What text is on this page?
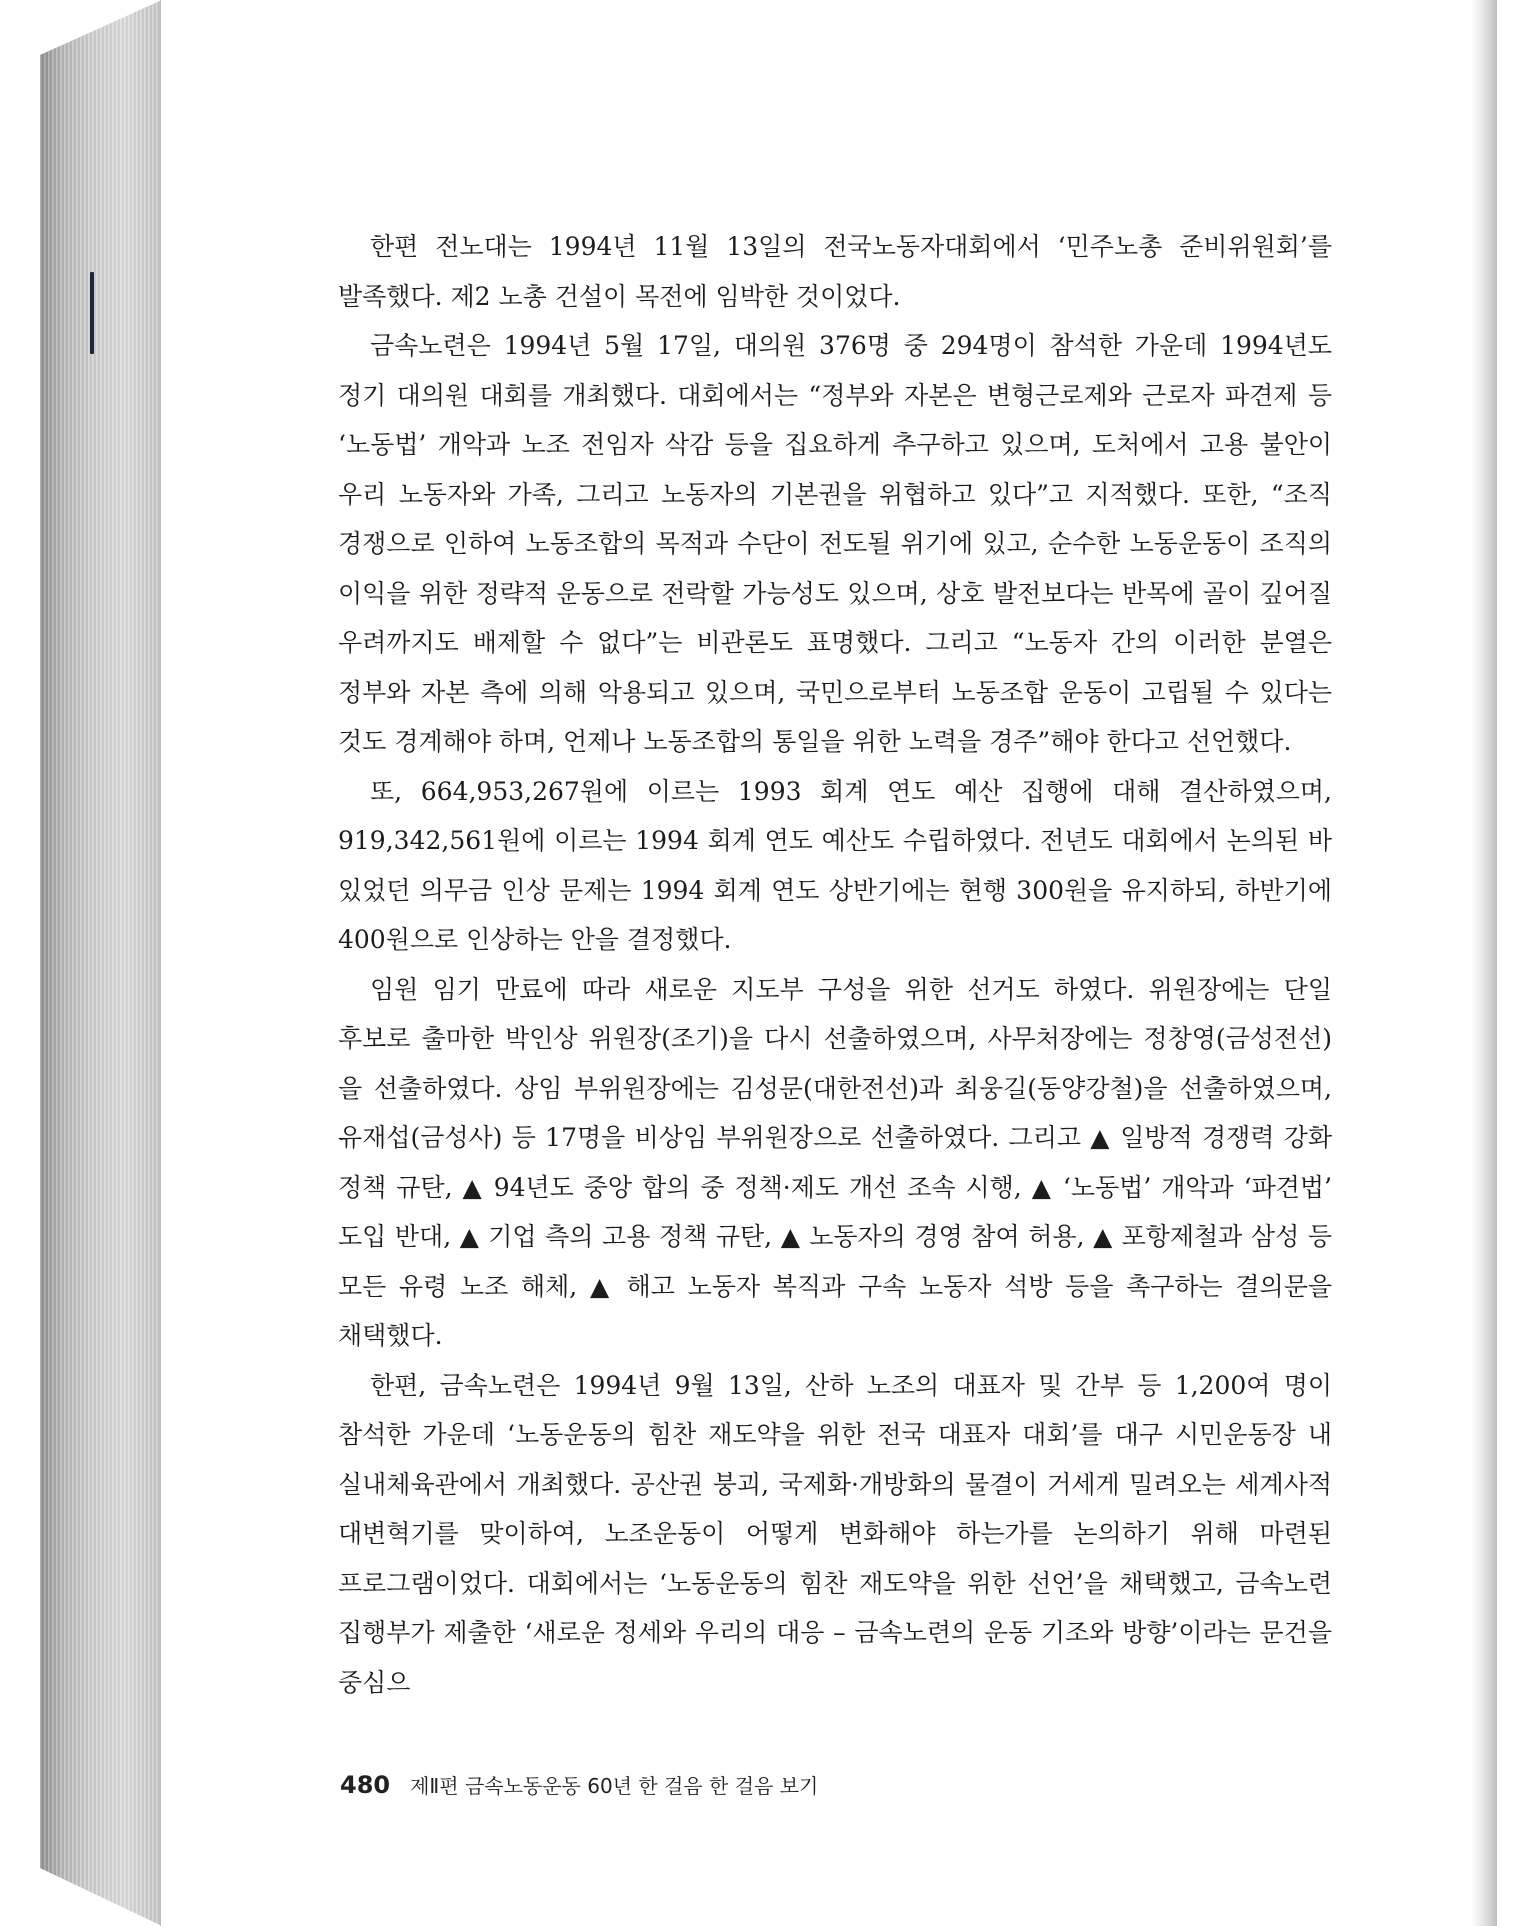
한편 전노대는 1994년 11월 13일의 전국노동자대회에서 ‘민주노총 준비위원회’를 발족했다. 제2 노총 건설이 목전에 임박한 것이었다.

금속노련은 1994년 5월 17일, 대의원 376명 중 294명이 참석한 가운데 1994년도 정기 대의원 대회를 개최했다. 대회에서는 “정부와 자본은 변형근로제와 근로자 파견제 등 ‘노동법’ 개악과 노조 전임자 삭감 등을 집요하게 추구하고 있으며, 도처에서 고용 불안이 우리 노동자와 가족, 그리고 노동자의 기본권을 위협하고 있다”고 지적했다. 또한, “조직 경쟁으로 인하여 노동조합의 목적과 수단이 전도될 위기에 있고, 순수한 노동운동이 조직의 이익을 위한 정략적 운동으로 전락할 가능성도 있으며, 상호 발전보다는 반목에 골이 깊어질 우려까지도 배제할 수 없다”는 비관론도 표명했다. 그리고 “노동자 간의 이러한 분열은 정부와 자본 측에 의해 악용되고 있으며, 국민으로부터 노동조합 운동이 고립될 수 있다는 것도 경계해야 하며, 언제나 노동조합의 통일을 위한 노력을 경주”해야 한다고 선언했다.

또, 664,953,267원에 이르는 1993 회계 연도 예산 집행에 대해 결산하였으며, 919,342,561원에 이르는 1994 회계 연도 예산도 수립하였다. 전년도 대회에서 논의된 바 있었던 의무금 인상 문제는 1994 회계 연도 상반기에는 현행 300원을 유지하되, 하반기에 400원으로 인상하는 안을 결정했다.

임원 임기 만료에 따라 새로운 지도부 구성을 위한 선거도 하였다. 위원장에는 단일 후보로 출마한 박인상 위원장(조기)을 다시 선출하였으며, 사무처장에는 정창영(금성전선)을 선출하였다. 상임 부위원장에는 김성문(대한전선)과 최웅길(동양강철)을 선출하였으며, 유재섭(금성사) 등 17명을 비상임 부위원장으로 선출하였다. 그리고 ▲ 일방적 경쟁력 강화 정책 규탄, ▲ 94년도 중앙 합의 중 정책·제도 개선 조속 시행, ▲ ‘노동법’ 개악과 ‘파견법’ 도입 반대, ▲ 기업 측의 고용 정책 규탄, ▲ 노동자의 경영 참여 허용, ▲ 포항제철과 삼성 등 모든 유령 노조 해체, ▲ 해고 노동자 복직과 구속 노동자 석방 등을 촉구하는 결의문을 채택했다.

한편, 금속노련은 1994년 9월 13일, 산하 노조의 대표자 및 간부 등 1,200여 명이 참석한 가운데 ‘노동운동의 힘찬 재도약을 위한 전국 대표자 대회’를 대구 시민운동장 내 실내체육관에서 개최했다. 공산권 붕괴, 국제화·개방화의 물결이 거세게 밀려오는 세계사적 대변혁기를 맞이하여, 노조운동이 어떻게 변화해야 하는가를 논의하기 위해 마련된 프로그램이었다. 대회에서는 ‘노동운동의 힘찬 재도약을 위한 선언’을 채택했고, 금속노련 집행부가 제출한 ‘새로운 정세와 우리의 대응 – 금속노련의 운동 기조와 방향’이라는 문건을 중심으

480 제Ⅱ편 금속노동운동 60년 한 걸음 한 걸음 보기
